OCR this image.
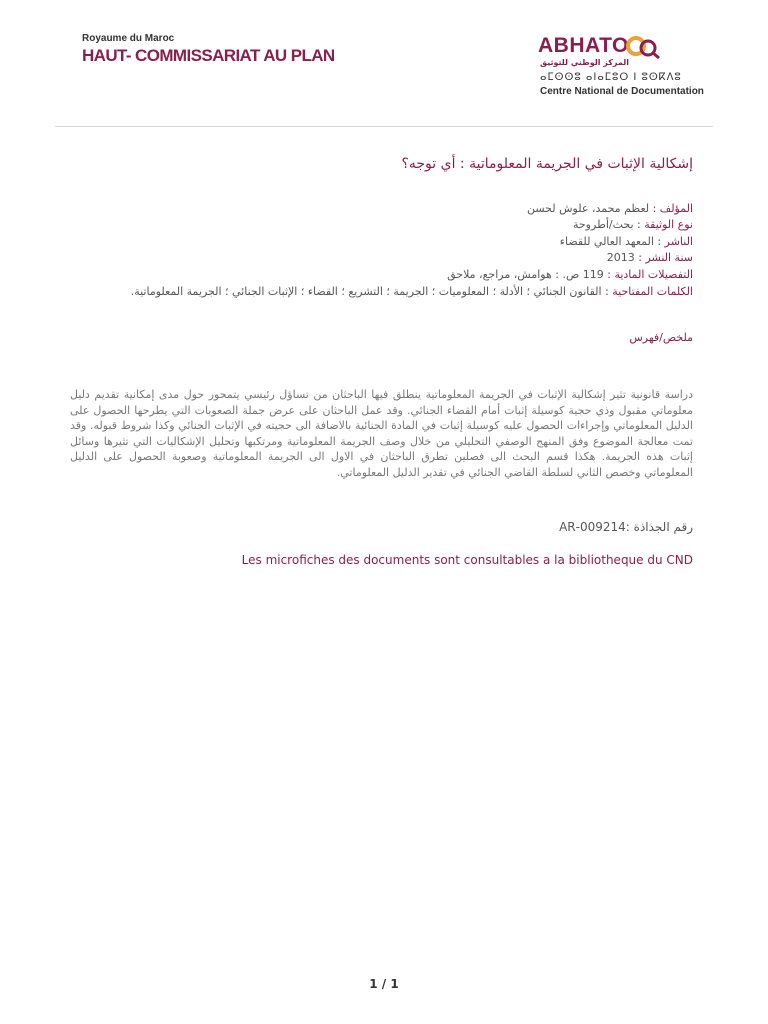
Royaume du Maroc
HAUT- COMMISSARIAT AU PLAN	ABHATO
المركز الوطني للتوثيق
ⴰⵎⵙⵙⵓ ⴰⵏⴰⵎⵓⵔ ⵏ ⵓⵙⴽⴷⵓ
Centre National de Documentation
إشكالية الإثبات في الجريمة المعلوماتية : أي توجه؟
المؤلف : لعظم محمد، علوش لحسن
نوع الوثيقة : بحث/أطروحة
الناشر : المعهد العالي للقضاء
سنة النشر : 2013
التفصيلات المادية : 119 ص. : هوامش، مراجع، ملاحق
الكلمات المفتاحية : القانون الجنائي ؛ الأدلة ؛ المعلوميات ؛ الجريمة ؛ التشريع ؛ القضاء ؛ الإثبات الجنائي ؛ الجريمة المعلوماتية.
ملخص/فهرس
دراسة قانونية تثير إشكالية الإثبات في الجريمة المعلوماتية ينطلق فيها الباحثان من تساؤل رئيسي يتمحور حول مدى إمكانية تقديم دليل معلوماتي مقبول وذي حجية كوسيلة إثبات أمام القضاء الجنائي. وقد عمل الباحثان على عرض جملة الصعوبات التي يطرحها الحصول على الدليل المعلوماتي وإجراءات الحصول عليه كوسيلة إثبات في المادة الجنائية بالاضافة الى حجيته في الإثبات الجنائي وكذا شروط قبوله. وقد تمت معالجة الموضوع وفق المنهج الوصفي التحليلي من خلال وصف الجريمة المعلوماتية ومرتكبها وتحليل الإشكاليات التي تثيرها وسائل إثبات هذه الجريمة. هكذا قسم البحث الى فصلين تطرق الباحثان في الاول الى الجريمة المعلوماتية وصعوبة الحصول على الدليل المعلوماتي وخصص الثاني لسلطة القاضي الجنائي في تقدير الدليل المعلوماتي.
رقم الجذاذة :009214-AR
Les microfiches des documents sont consultables a la bibliotheque du CND
1 / 1
